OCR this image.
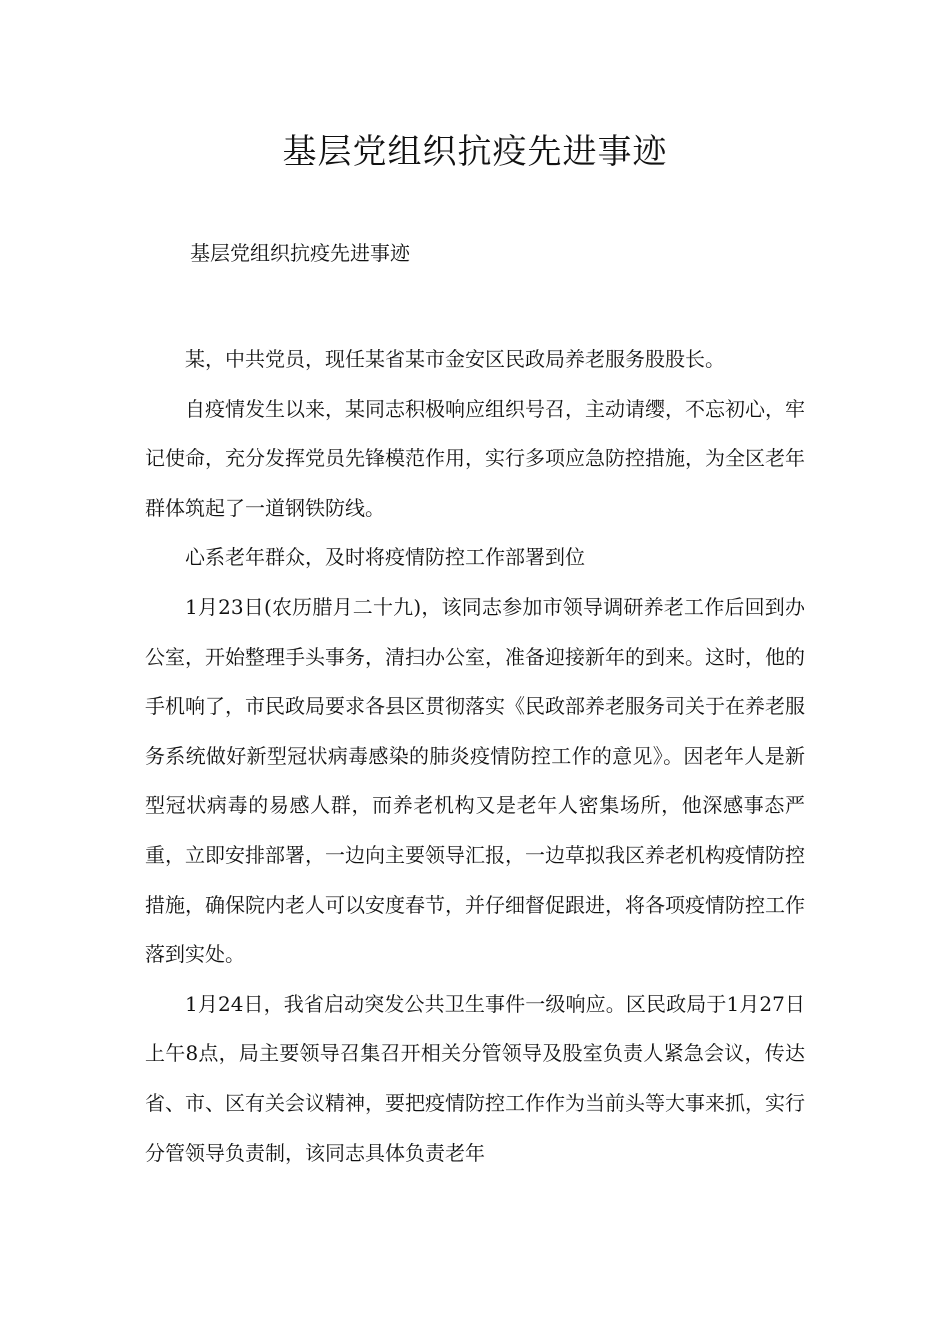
基层党组织抗疫先进事迹

基层党组织抗疫先进事迹

某，中共党员，现任某省某市金安区民政局养老服务股股长。

自疫情发生以来，某同志积极响应组织号召，主动请缨，不忘初心，牢记使命，充分发挥党员先锋模范作用，实行多项应急防控措施，为全区老年群体筑起了一道钢铁防线。

心系老年群众，及时将疫情防控工作部署到位

1月23日(农历腊月二十九)，该同志参加市领导调研养老工作后回到办公室，开始整理手头事务，清扫办公室，准备迎接新年的到来。这时，他的手机响了，市民政局要求各县区贯彻落实《民政部养老服务司关于在养老服务系统做好新型冠状病毒感染的肺炎疫情防控工作的意见》。因老年人是新型冠状病毒的易感人群，而养老机构又是老年人密集场所，他深感事态严重，立即安排部署，一边向主要领导汇报，一边草拟我区养老机构疫情防控措施，确保院内老人可以安度春节，并仔细督促跟进，将各项疫情防控工作落到实处。

1月24日，我省启动突发公共卫生事件一级响应。区民政局于1月27日上午8点，局主要领导召集召开相关分管领导及股室负责人紧急会议，传达省、市、区有关会议精神，要把疫情防控工作作为当前头等大事来抓，实行分管领导负责制，该同志具体负责老年
